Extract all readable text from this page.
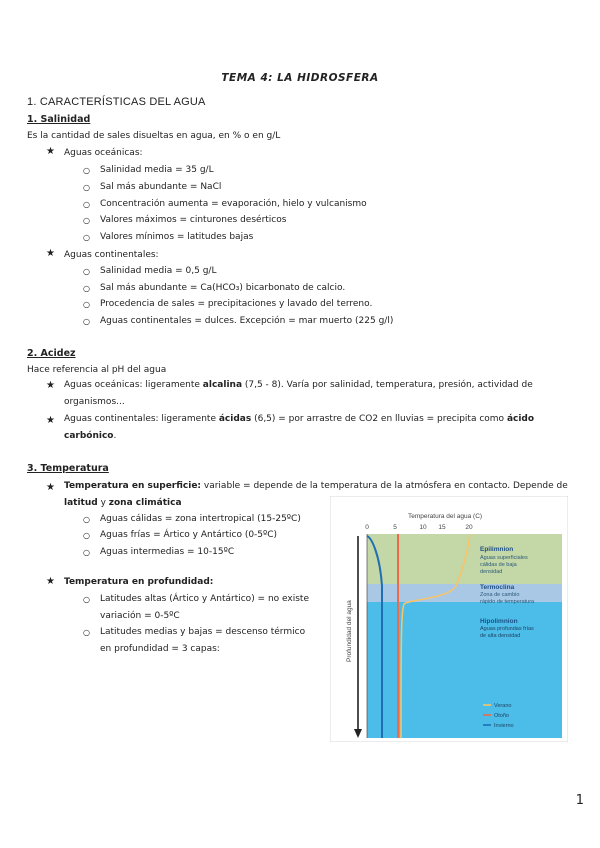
TEMA 4: LA HIDROSFERA
1. CARACTERÍSTICAS DEL AGUA
1. Salinidad
Es la cantidad de sales disueltas en agua, en % o en g/L
★ Aguas oceánicas:
○ Salinidad media = 35 g/L
○ Sal más abundante = NaCl
○ Concentración aumenta = evaporación, hielo y vulcanismo
○ Valores máximos = cinturones desérticos
○ Valores mínimos = latitudes bajas
★ Aguas continentales:
○ Salinidad media = 0,5 g/L
○ Sal más abundante = Ca(HCO₃) bicarbonato de calcio.
○ Procedencia de sales = precipitaciones y lavado del terreno.
○ Aguas continentales = dulces. Excepción = mar muerto (225 g/l)
2. Acidez
Hace referencia al pH del agua
★ Aguas oceánicas: ligeramente alcalina (7,5 - 8). Varía por salinidad, temperatura, presión, actividad de organismos...
★ Aguas continentales: ligeramente ácidas (6,5) = por arrastre de CO2 en lluvias = precipita como ácido carbónico.
3. Temperatura
★ Temperatura en superficie: variable = depende de la temperatura de la atmósfera en contacto. Depende de latitud y zona climática
○ Aguas cálidas = zona intertropical (15-25ºC)
○ Aguas frías = Ártico y Antártico (0-5ºC)
○ Aguas intermedias = 10-15ºC
★ Temperatura en profundidad:
○ Latitudes altas (Ártico y Antártico) = no existe
variación = 0-5ºC
○ Latitudes medias y bajas = descenso térmico
en profundidad = 3 capas:
Temperatura del agua (C)
0	5	10 15	20
Profundidad del agua
Epilimnion
Aguas superficiales
cálidas de baja
densidad
Termoclina
Zona de cambio
rápido de temperatura
Hipolimnion
Aguas profundas frías
de alta densidad
Verano
Otoño
Invierno
1
